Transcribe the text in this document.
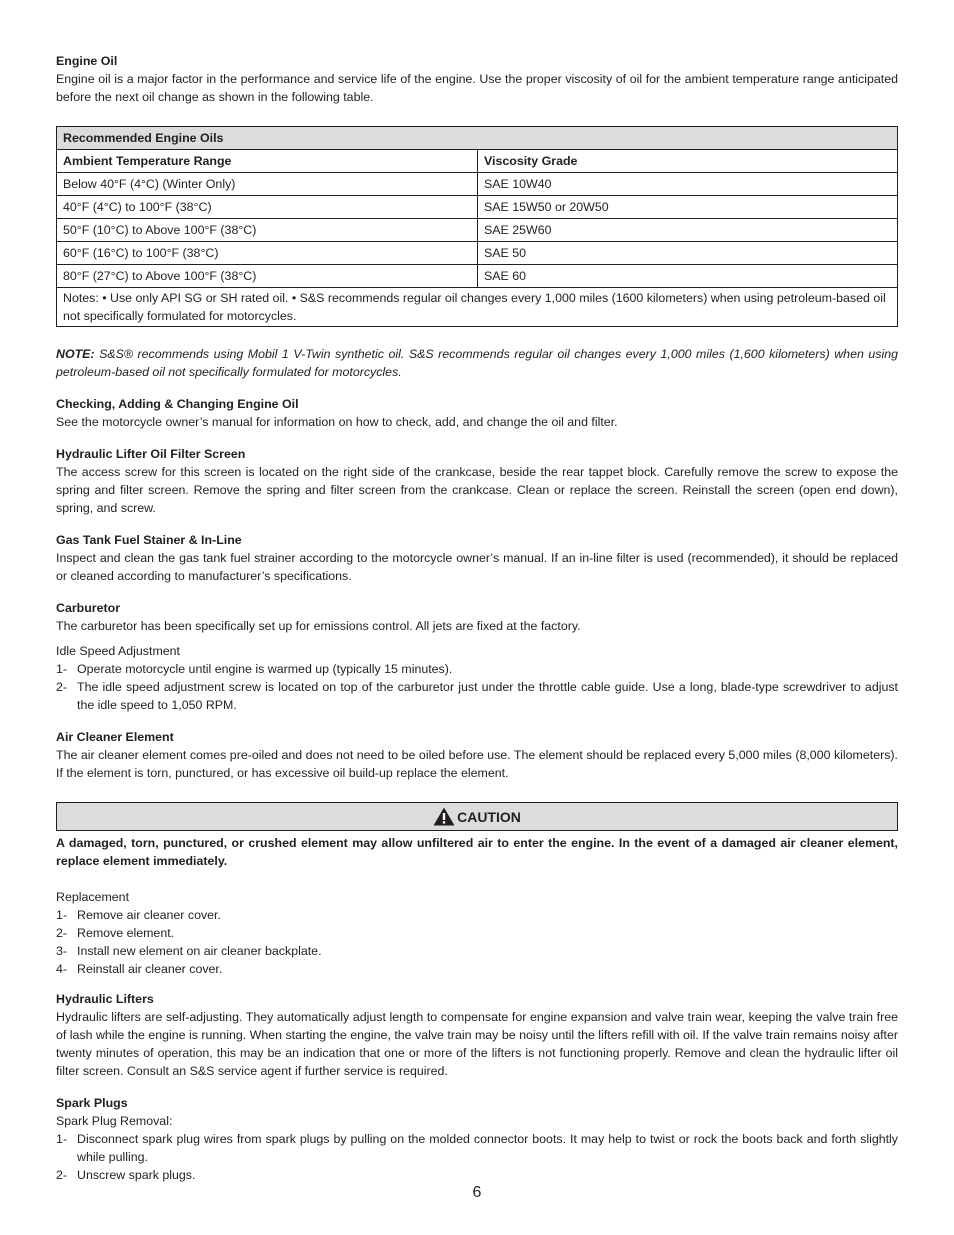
Engine Oil

Engine oil is a major factor in the performance and service life of the engine. Use the proper viscosity of oil for the ambient temperature range anticipated before the next oil change as shown in the following table.

Recommended Engine Oils	
Ambient Temperature Range	Viscosity Grade
Below 40°F (4°C) (Winter Only)	SAE 10W40
40°F (4°C) to 100°F (38°C)	SAE 15W50 or 20W50
50°F (10°C) to Above 100°F (38°C)	SAE 25W60
60°F (16°C) to 100°F (38°C)	SAE 50
80°F (27°C) to Above 100°F (38°C)	SAE 60
Notes: • Use only API SG or SH rated oil. • S&S recommends regular oil changes every 1,000 miles (1600 kilometers) when using petroleum-based oil not specifically formulated for motorcycles.	

NOTE: S&S® recommends using Mobil 1 V-Twin synthetic oil. S&S recommends regular oil changes every 1,000 miles (1,600 kilometers) when using petroleum-based oil not specifically formulated for motorcycles.

Checking, Adding & Changing Engine Oil

See the motorcycle owner’s manual for information on how to check, add, and change the oil and filter.

Hydraulic Lifter Oil Filter Screen

The access screw for this screen is located on the right side of the crankcase, beside the rear tappet block. Carefully remove the screw to expose the spring and filter screen. Remove the spring and filter screen from the crankcase. Clean or replace the screen. Reinstall the screen (open end down), spring, and screw.

Gas Tank Fuel Stainer & In-Line

Inspect and clean the gas tank fuel strainer according to the motorcycle owner’s manual. If an in-line filter is used (recommended), it should be replaced or cleaned according to manufacturer’s specifications.

Carburetor

The carburetor has been specifically set up for emissions control. All jets are fixed at the factory.

Idle Speed Adjustment
1- Operate motorcycle until engine is warmed up (typically 15 minutes).
2- The idle speed adjustment screw is located on top of the carburetor just under the throttle cable guide. Use a long, blade-type screwdriver to adjust the idle speed to 1,050 RPM.
Air Cleaner Element

The air cleaner element comes pre-oiled and does not need to be oiled before use. The element should be replaced every 5,000 miles (8,000 kilometers). If the element is torn, punctured, or has excessive oil build-up replace the element.

CAUTION

A damaged, torn, punctured, or crushed element may allow unfiltered air to enter the engine. In the event of a damaged air cleaner element, replace element immediately.

Replacement
1- Remove air cleaner cover.
2- Remove element.
3- Install new element on air cleaner backplate.
4- Reinstall air cleaner cover.
Hydraulic Lifters

Hydraulic lifters are self-adjusting. They automatically adjust length to compensate for engine expansion and valve train wear, keeping the valve train free of lash while the engine is running. When starting the engine, the valve train may be noisy until the lifters refill with oil. If the valve train remains noisy after twenty minutes of operation, this may be an indication that one or more of the lifters is not functioning properly. Remove and clean the hydraulic lifter oil filter screen. Consult an S&S service agent if further service is required.

Spark Plugs
Spark Plug Removal:
1- Disconnect spark plug wires from spark plugs by pulling on the molded connector boots. It may help to twist or rock the boots back and forth slightly while pulling.
2- Unscrew spark plugs.
6
